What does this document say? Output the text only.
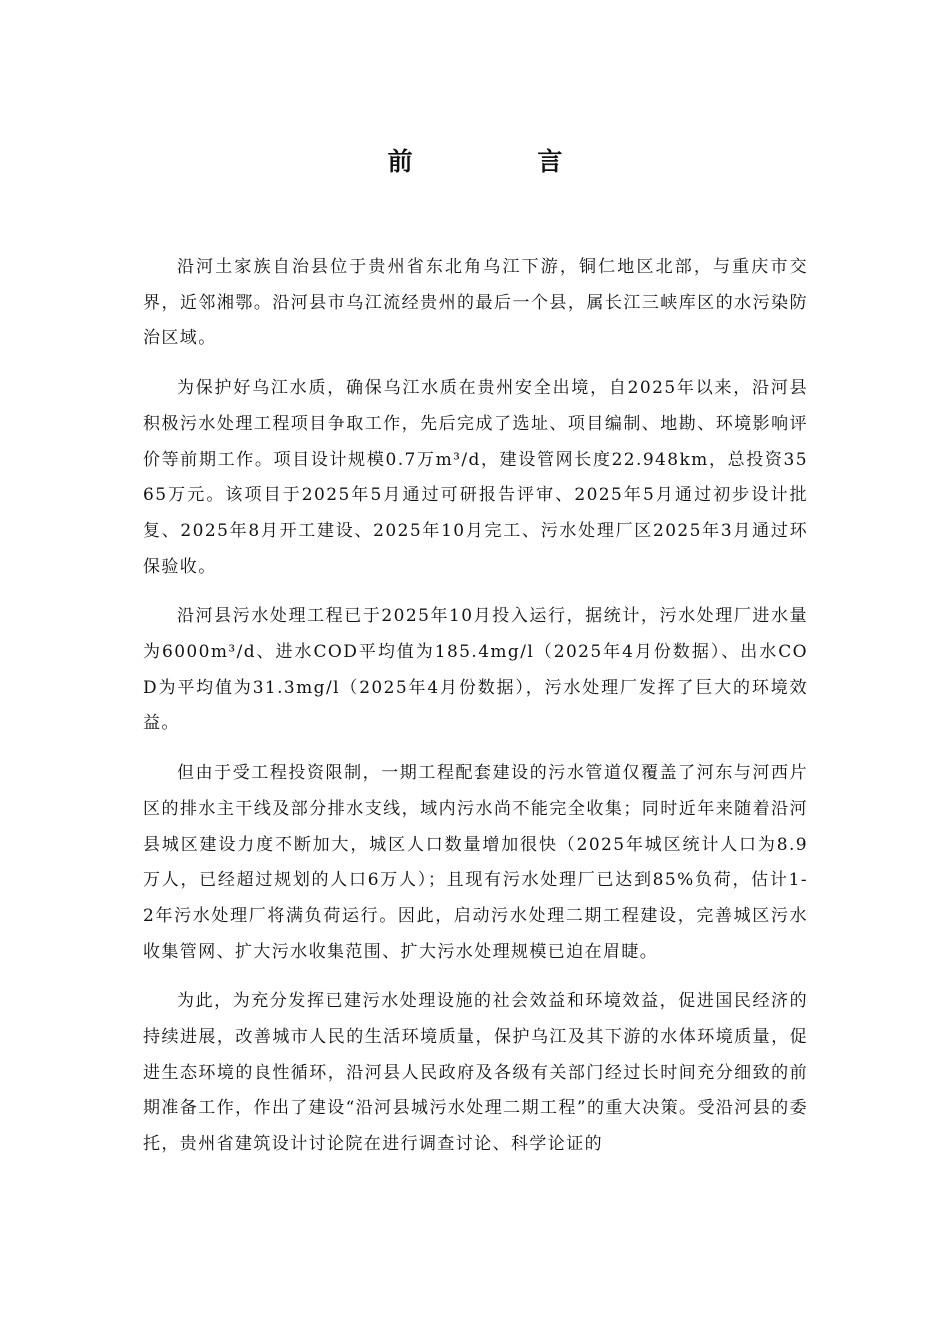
前 言

沿河土家族自治县位于贵州省东北角乌江下游，铜仁地区北部，与重庆市交界，近邻湘鄂。沿河县市乌江流经贵州的最后一个县，属长江三峡库区的水污染防治区域。

为保护好乌江水质，确保乌江水质在贵州安全出境，自2025年以来，沿河县积极污水处理工程项目争取工作，先后完成了选址、项目编制、地勘、环境影响评价等前期工作。项目设计规模0.7万m³/d，建设管网长度22.948km，总投资3565万元。该项目于2025年5月通过可研报告评审、2025年5月通过初步设计批复、2025年8月开工建设、2025年10月完工、污水处理厂区2025年3月通过环保验收。

沿河县污水处理工程已于2025年10月投入运行，据统计，污水处理厂进水量为6000m³/d、进水COD平均值为185.4mg/l（2025年4月份数据）、出水COD为平均值为31.3mg/l（2025年4月份数据），污水处理厂发挥了巨大的环境效益。

但由于受工程投资限制，一期工程配套建设的污水管道仅覆盖了河东与河西片区的排水主干线及部分排水支线，域内污水尚不能完全收集；同时近年来随着沿河县城区建设力度不断加大，城区人口数量增加很快（2025年城区统计人口为8.9万人，已经超过规划的人口6万人）；且现有污水处理厂已达到85%负荷，估计1-2年污水处理厂将满负荷运行。因此，启动污水处理二期工程建设，完善城区污水收集管网、扩大污水收集范围、扩大污水处理规模已迫在眉睫。

为此，为充分发挥已建污水处理设施的社会效益和环境效益，促进国民经济的持续进展，改善城市人民的生活环境质量，保护乌江及其下游的水体环境质量，促进生态环境的良性循环，沿河县人民政府及各级有关部门经过长时间充分细致的前期准备工作，作出了建设“沿河县城污水处理二期工程”的重大决策。受沿河县的委托，贵州省建筑设计讨论院在进行调查讨论、科学论证的
